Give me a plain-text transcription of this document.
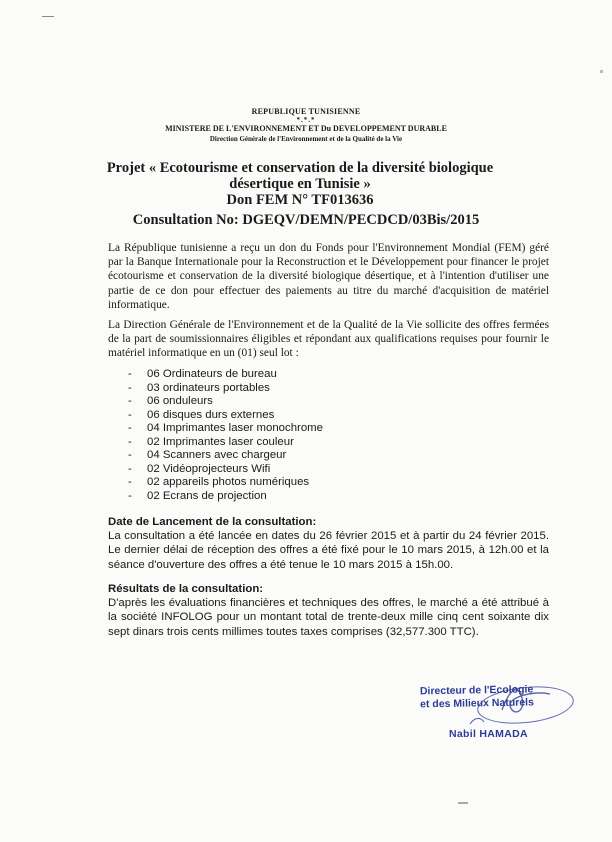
REPUBLIQUE TUNISIENNE
*.*.*
MINISTERE DE L'ENVIRONNEMENT ET Du DEVELOPPEMENT DURABLE
Direction Générale de l'Environnement et de la Qualité de la Vie
Projet « Ecotourisme et conservation de la diversité biologique désertique en Tunisie »
Don FEM N° TF013636
Consultation No: DGEQV/DEMN/PECDCD/03Bis/2015
La République tunisienne a reçu un don du Fonds pour l'Environnement Mondial (FEM) géré par la Banque Internationale pour la Reconstruction et le Développement pour financer le projet écotourisme et conservation de la diversité biologique désertique, et à l'intention d'utiliser une partie de ce don pour effectuer des paiements au titre du marché d'acquisition de matériel informatique.
La Direction Générale de l'Environnement et de la Qualité de la Vie sollicite des offres fermées de la part de soumissionnaires éligibles et répondant aux qualifications requises pour fournir le matériel informatique en un (01) seul lot :
- 06 Ordinateurs de bureau
- 03 ordinateurs portables
- 06 onduleurs
- 06 disques durs externes
- 04 Imprimantes laser monochrome
- 02 Imprimantes laser couleur
- 04 Scanners avec chargeur
- 02 Vidéoprojecteurs Wifi
- 02 appareils photos numériques
- 02 Ecrans de projection
Date de Lancement de la consultation:
La consultation a été lancée en dates du 26 février 2015 et à partir du 24 février 2015. Le dernier délai de réception des offres a été fixé pour le 10 mars 2015, à 12h.00 et la séance d'ouverture des offres a été tenue le 10 mars 2015 à 15h.00.
Résultats de la consultation:
D'après les évaluations financières et techniques des offres, le marché a été attribué à la société INFOLOG pour un montant total de trente-deux mille cinq cent soixante dix sept dinars trois cents millimes toutes taxes comprises (32,577.300 TTC).
Directeur de l'Ecologie
et des Milieux Naturels
Nabil HAMADA
